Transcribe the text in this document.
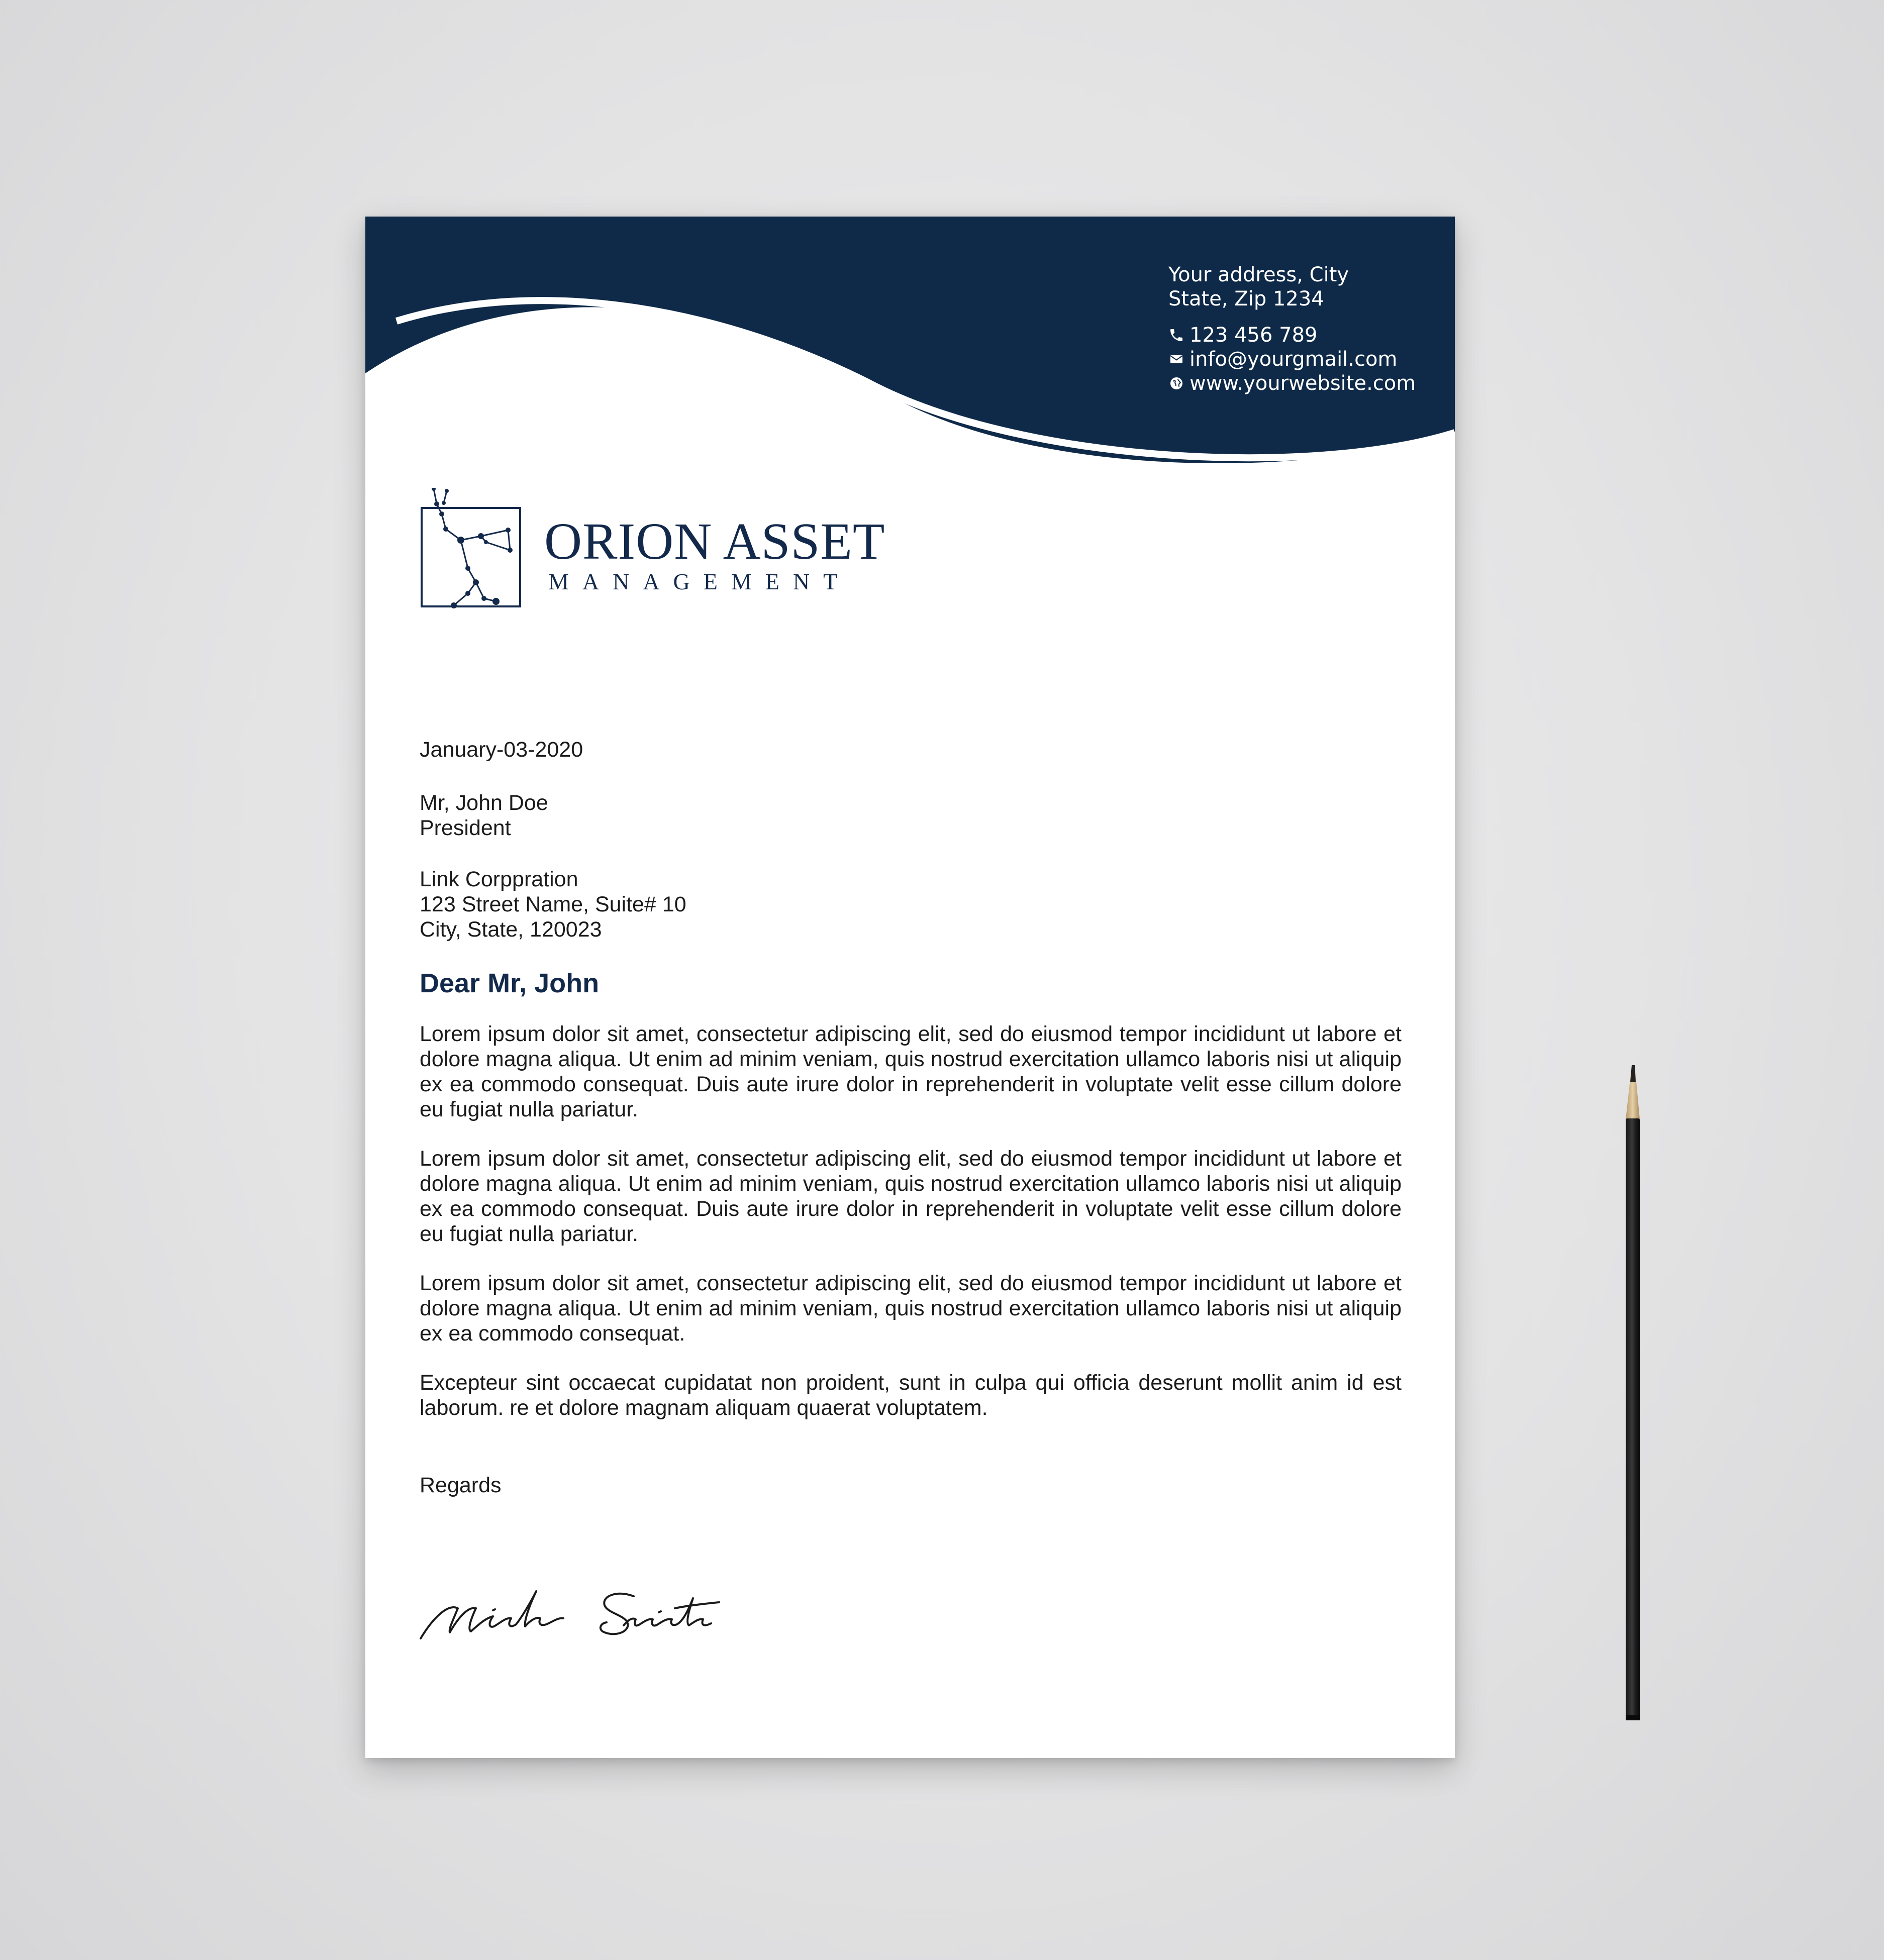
Your address, City
State, Zip 1234
123 456 789
info@yourgmail.com
www.yourwebsite.com
ORION ASSET
MANAGEMENT

January-03-2020

Mr, John Doe

President

Link Corppration

123 Street Name, Suite# 10

City, State, 120023

Dear Mr, John

Lorem ipsum dolor sit amet, consectetur adipiscing elit, sed do eiusmod tempor incididunt ut labore et dolore magna aliqua. Ut enim ad minim veniam, quis nostrud exercitation ullamco laboris nisi ut aliquip ex ea commodo consequat. Duis aute irure dolor in reprehenderit in voluptate velit esse cillum dolore eu fugiat nulla pariatur.

Lorem ipsum dolor sit amet, consectetur adipiscing elit, sed do eiusmod tempor incididunt ut labore et dolore magna aliqua. Ut enim ad minim veniam, quis nostrud exercitation ullamco laboris nisi ut aliquip ex ea commodo consequat. Duis aute irure dolor in reprehenderit in voluptate velit esse cillum dolore eu fugiat nulla pariatur.

Lorem ipsum dolor sit amet, consectetur adipiscing elit, sed do eiusmod tempor incididunt ut labore et dolore magna aliqua. Ut enim ad minim veniam, quis nostrud exercitation ullamco laboris nisi ut aliquip ex ea commodo consequat.

Excepteur sint occaecat cupidatat non proident, sunt in culpa qui officia deserunt mollit anim id est laborum. re et dolore magnam aliquam quaerat voluptatem.

Regards
